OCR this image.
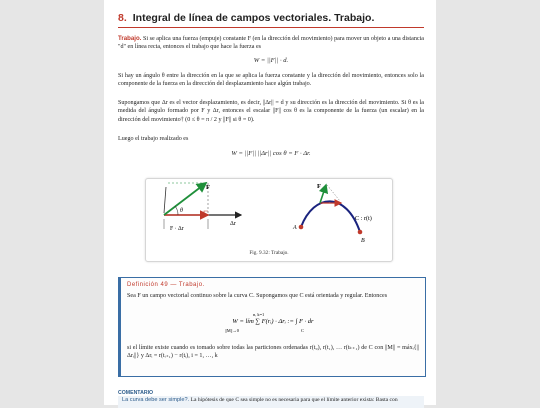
8. Integral de línea de campos vectoriales. Trabajo.

Trabajo. Si se aplica una fuerza (empuje) constante F (en la dirección del movimiento) para mover un objeto a una distancia "d" en línea recta, entonces el trabajo que hace la fuerza es

W = ||F|| · d.

Si hay un ángulo θ entre la dirección en la que se aplica la fuerza constante y la dirección del movimiento, entonces solo la componente de la fuerza en la dirección del desplazamiento hace algún trabajo.

Supongamos que Δr es el vector desplazamiento, es decir, ||Δr|| = d y su dirección es la dirección del movimiento. Si θ es la medida del ángulo formado por F y Δr, entonces el escalar ||F|| cos θ es la componente de la fuerza (un escalar) en la dirección del movimiento† (0 ≤ θ = π / 2 y ||F|| si θ = 0).

Luego el trabajo realizado es

W = ||F|| ||Δr|| cos θ = F · Δr.
F
θ
Δr
F · Δr
F
A
B
C : r(t)
Fig. 9.32: Trabajo.
Definición 49 — Trabajo.

Sea F un campo vectorial continuo sobre la curva C. Supongamos que C está orientada y regular. Entonces

W = lím ∑ F(rᵢ) · Δrᵢ := ∫ F · dr
||M||→0
n, k=1
C

si el límite existe cuando es tomado sobre todas las particiones ordenadas r(t₀), r(t₁), … r(tₖ₊₁) de C con ||M|| = máxᵢ{||Δrᵢ||} y Δrᵢ = r(tᵢ₊₁) − r(tᵢ), i = 1, …, k

COMENTARIO
La curva debe ser simple?. La hipótesis de que C sea simple no es necesaria para que el límite anterior exista: Basta con
